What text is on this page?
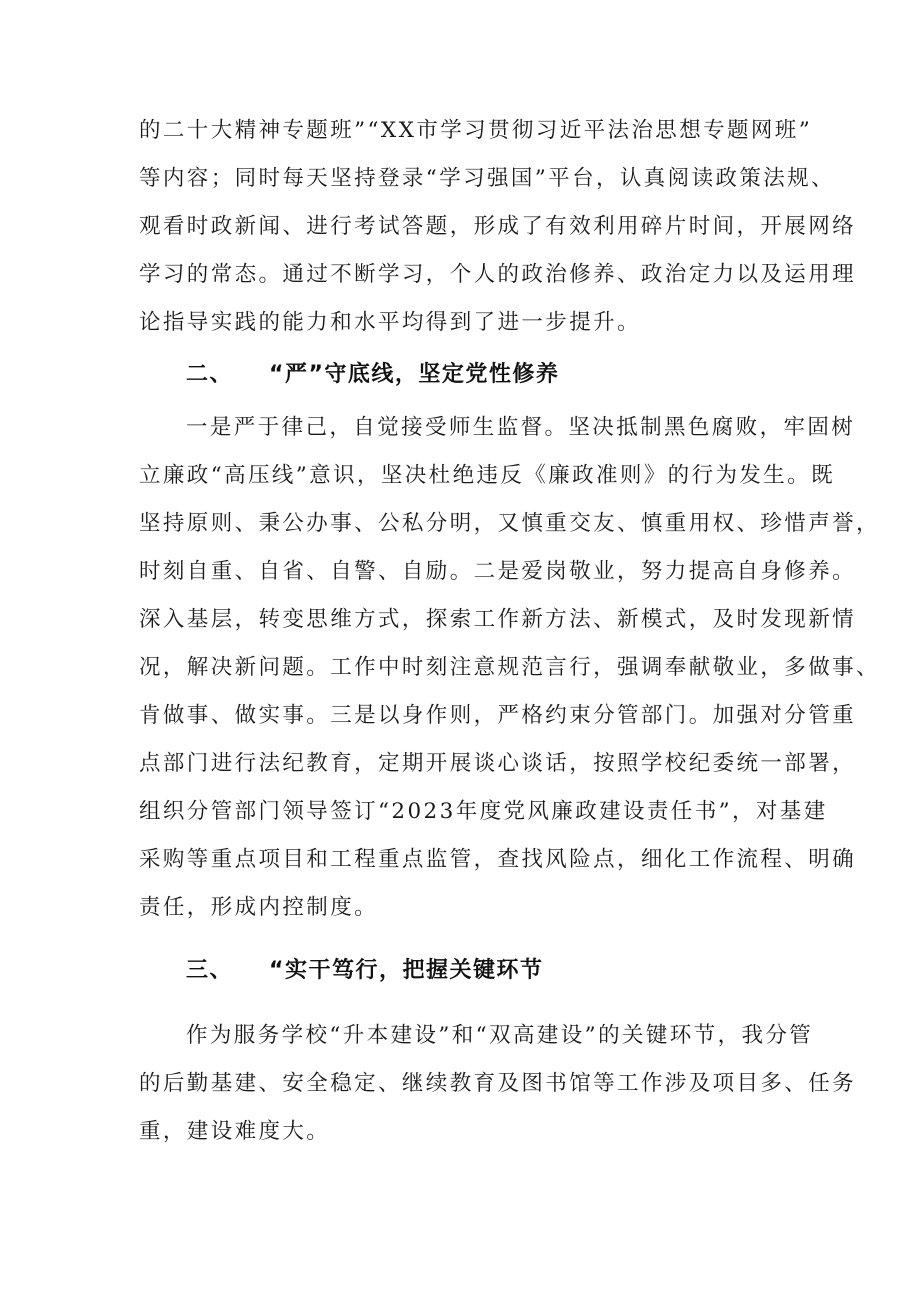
的二十大精神专题班”“XX市学习贯彻习近平法治思想专题网班”
等内容；同时每天坚持登录“学习强国”平台，认真阅读政策法规、
观看时政新闻、进行考试答题，形成了有效利用碎片时间，开展网络
学习的常态。通过不断学习，个人的政治修养、政治定力以及运用理
论指导实践的能力和水平均得到了进一步提升。
二、 “严”守底线，坚定党性修养
一是严于律己，自觉接受师生监督。坚决抵制黑色腐败，牢固树
立廉政“高压线”意识，坚决杜绝违反《廉政准则》的行为发生。既
坚持原则、秉公办事、公私分明，又慎重交友、慎重用权、珍惜声誉，
时刻自重、自省、自警、自励。二是爱岗敬业，努力提高自身修养。
深入基层，转变思维方式，探索工作新方法、新模式，及时发现新情
况，解决新问题。工作中时刻注意规范言行，强调奉献敬业，多做事、
肯做事、做实事。三是以身作则，严格约束分管部门。加强对分管重
点部门进行法纪教育，定期开展谈心谈话，按照学校纪委统一部署，
组织分管部门领导签订“2023年度党风廉政建设责任书”，对基建
采购等重点项目和工程重点监管，查找风险点，细化工作流程、明确
责任，形成内控制度。
三、 “实干笃行，把握关键环节
作为服务学校“升本建设”和“双高建设”的关键环节，我分管
的后勤基建、安全稳定、继续教育及图书馆等工作涉及项目多、任务
重，建设难度大。
